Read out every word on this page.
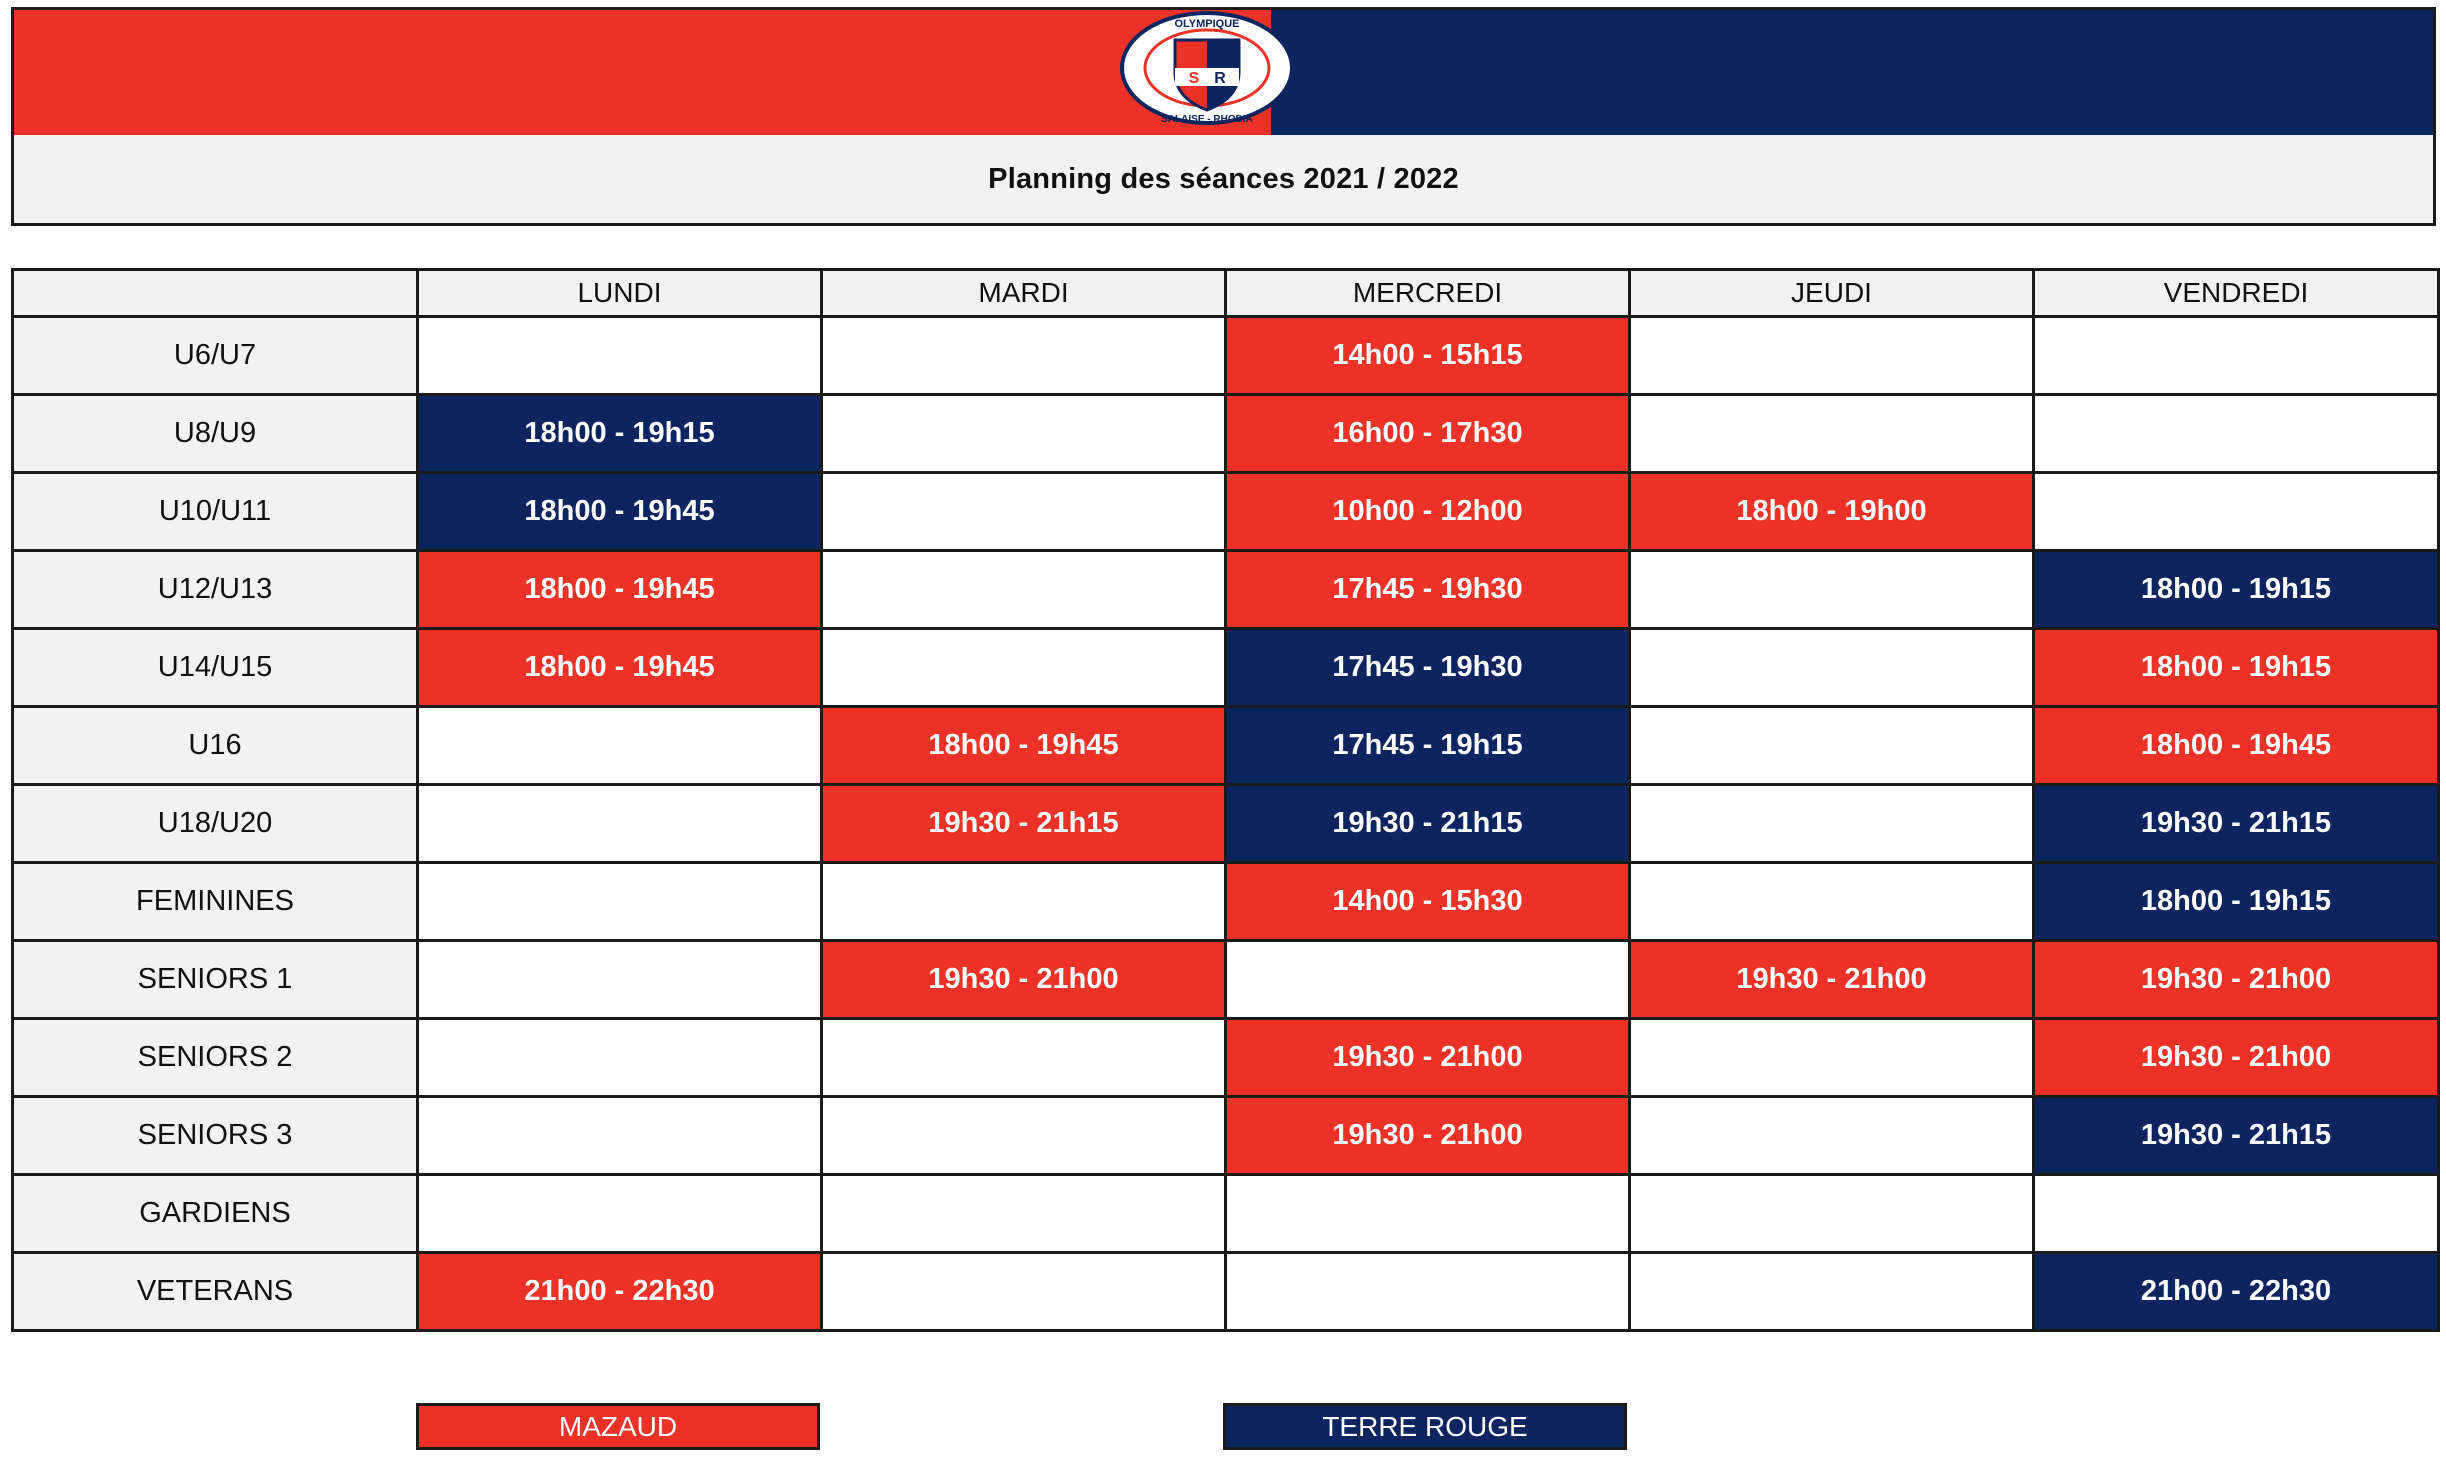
S R
OLYMPIQUE
SALAISE - RHODIA
Planning des séances 2021 / 2022
	LUNDI	MARDI	MERCREDI	JEUDI	VENDREDI
U6/U7			14h00 - 15h15		
U8/U9	18h00 - 19h15		16h00 - 17h30		
U10/U11	18h00 - 19h45		10h00 - 12h00	18h00 - 19h00	
U12/U13	18h00 - 19h45		17h45 - 19h30		18h00 - 19h15
U14/U15	18h00 - 19h45		17h45 - 19h30		18h00 - 19h15
U16		18h00 - 19h45	17h45 - 19h15		18h00 - 19h45
U18/U20		19h30 - 21h15	19h30 - 21h15		19h30 - 21h15
FEMININES			14h00 - 15h30		18h00 - 19h15
SENIORS 1		19h30 - 21h00		19h30 - 21h00	19h30 - 21h00
SENIORS 2			19h30 - 21h00		19h30 - 21h00
SENIORS 3			19h30 - 21h00		19h30 - 21h15
GARDIENS					
VETERANS	21h00 - 22h30				21h00 - 22h30
MAZAUD	TERRE ROUGE
